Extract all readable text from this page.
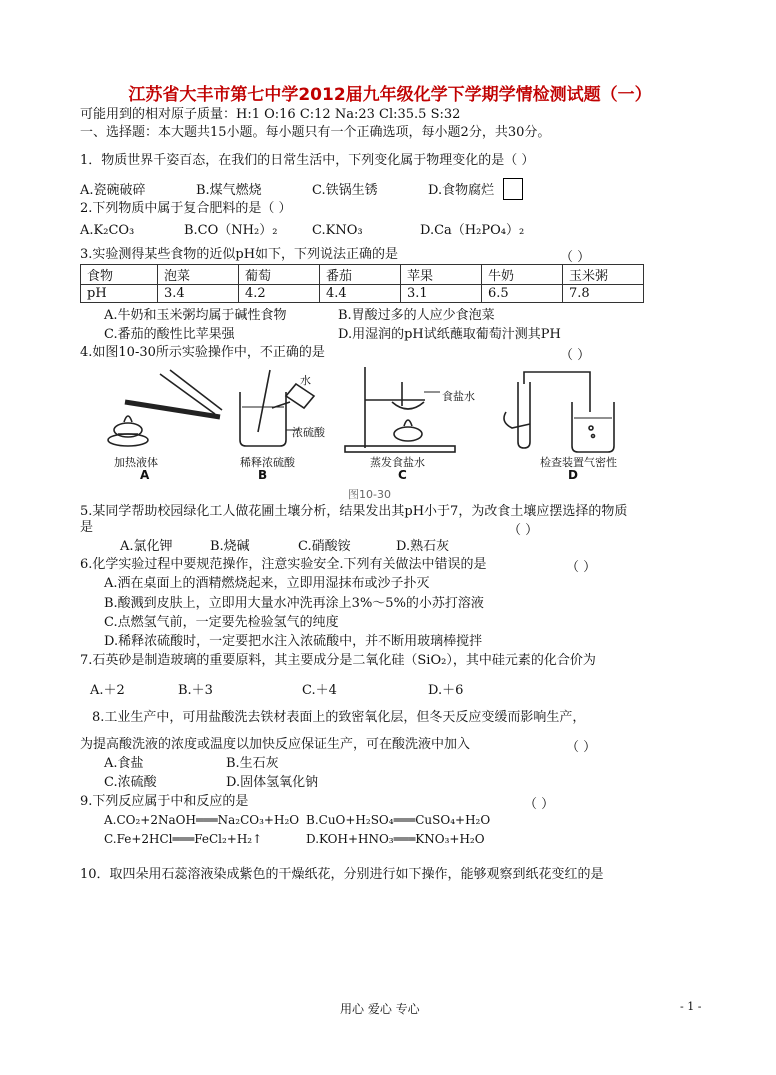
江苏省大丰市第七中学2012届九年级化学下学期学情检测试题（一）
可能用到的相对原子质量：H:1 O:16 C:12 Na:23 Cl:35.5 S:32
一、选择题：本大题共15小题。每小题只有一个正确选项，每小题2分，共30分。
1．物质世界千姿百态，在我们的日常生活中，下列变化属于物理变化的是（ ）
A.瓷碗破碎	B.煤气燃烧	C.铁锅生锈	D.食物腐烂
2.下列物质中属于复合肥料的是（ ）
A.K₂CO₃	B.CO（NH₂）₂	C.KNO₃	D.Ca（H₂PO₄）₂
3.实验测得某些食物的近似pH如下，下列说法正确的是	（ ）
食物	泡菜	葡萄	番茄	苹果	牛奶	玉米粥
pH	3.4	4.2	4.4	3.1	6.5	7.8
A.牛奶和玉米粥均属于碱性食物	B.胃酸过多的人应少食泡菜
C.番茄的酸性比苹果强	D.用湿润的pH试纸蘸取葡萄汁测其PH
4.如图10-30所示实验操作中，不正确的是	（ ）
水
浓硫酸
食盐水
加热液体	稀释浓硫酸	蒸发食盐水	检查装置气密性
A	B	C	D
图10-30
5.某同学帮助校园绿化工人做花圃土壤分析，结果发出其pH小于7，为改食土壤应摆选择的物质
是	（ ）
A.氯化钾	B.烧碱	C.硝酸铵	D.熟石灰
6.化学实验过程中要规范操作，注意实验安全.下列有关做法中错误的是	（ ）
A.洒在桌面上的酒精燃烧起来，立即用湿抹布或沙子扑灭
B.酸溅到皮肤上，立即用大量水冲洗再涂上3%～5%的小苏打溶液
C.点燃氢气前，一定要先检验氢气的纯度
D.稀释浓硫酸时，一定要把水注入浓硫酸中，并不断用玻璃棒搅拌
7.石英砂是制造玻璃的重要原料，其主要成分是二氧化硅（SiO₂），其中硅元素的化合价为
A.＋2	B.＋3	C.＋4	D.＋6
8.工业生产中，可用盐酸洗去铁材表面上的致密氧化层，但冬天反应变缓而影响生产，
为提高酸洗液的浓度或温度以加快反应保证生产，可在酸洗液中加入	（ ）
A.食盐	B.生石灰
C.浓硫酸	D.固体氢氧化钠
9.下列反应属于中和反应的是	（ ）
A.CO₂+2NaOH═══Na₂CO₃+H₂O B.CuO+H₂SO₄═══CuSO₄+H₂O
C.Fe+2HCl═══FeCl₂+H₂↑	D.KOH+HNO₃═══KNO₃+H₂O
10．取四朵用石蕊溶液染成紫色的干燥纸花，分别进行如下操作，能够观察到纸花变红的是
用心 爱心 专心	- 1 -
